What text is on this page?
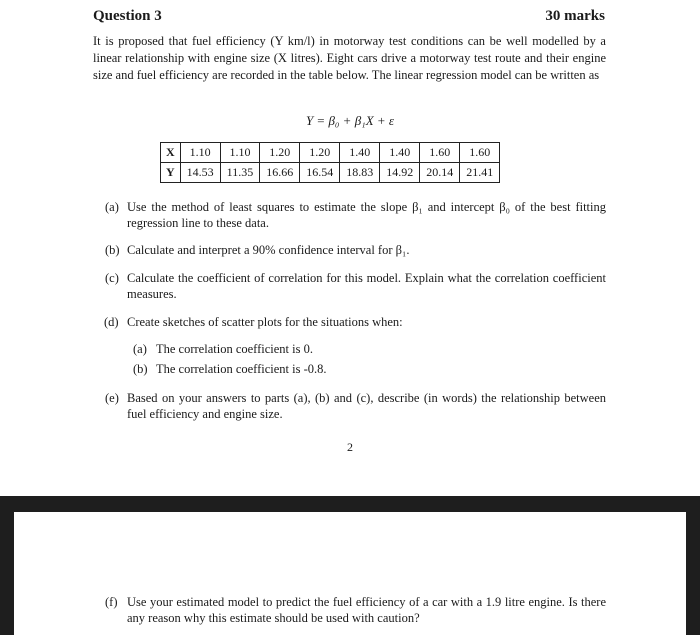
Question 3	30 marks
It is proposed that fuel efficiency (Y km/l) in motorway test conditions can be well modelled by a linear relationship with engine size (X litres). Eight cars drive a motorway test route and their engine size and fuel efficiency are recorded in the table below. The linear regression model can be written as
Y = β₀ + β₁X + ε
X	1.10	1.10	1.20	1.20	1.40	1.40	1.60	1.60
Y	14.53	11.35	16.66	16.54	18.83	14.92	20.14	21.41
(a) Use the method of least squares to estimate the slope β₁ and intercept β₀ of the best fitting regression line to these data.
(b) Calculate and interpret a 90% confidence interval for β₁.
(c) Calculate the coefficient of correlation for this model. Explain what the correlation coefficient measures.
(d) Create sketches of scatter plots for the situations when:
(a) The correlation coefficient is 0.
(b) The correlation coefficient is -0.8.
(e) Based on your answers to parts (a), (b) and (c), describe (in words) the relationship between fuel efficiency and engine size.
2
(f) Use your estimated model to predict the fuel efficiency of a car with a 1.9 litre engine. Is there any reason why this estimate should be used with caution?
